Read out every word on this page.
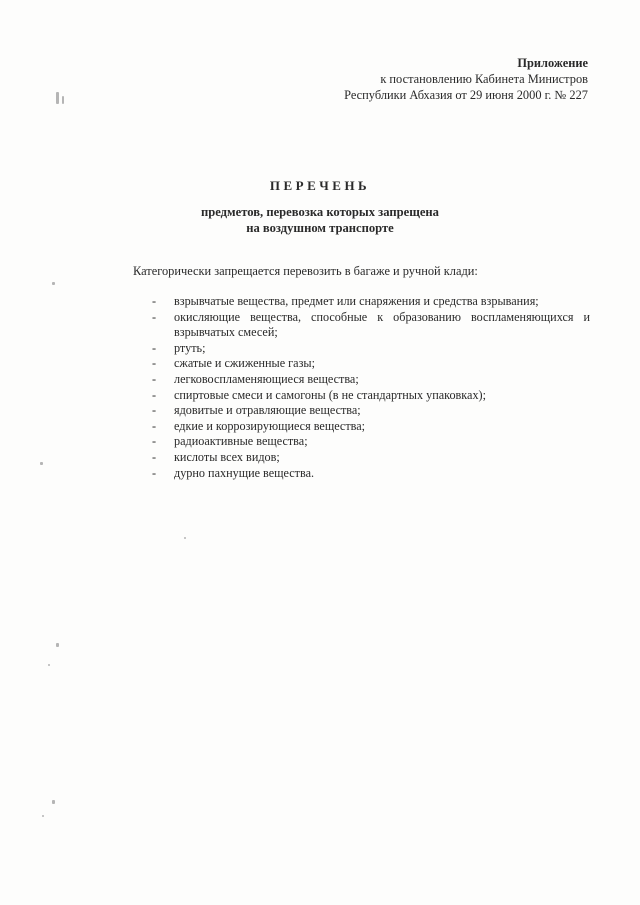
Приложение
к постановлению Кабинета Министров
Республики Абхазия от 29 июня 2000 г. № 227
ПЕРЕЧЕНЬ
предметов, перевозка которых запрещена
на воздушном транспорте
Категорически запрещается перевозить в багаже и ручной клади:
- взрывчатые вещества, предмет или снаряжения и средства взрывания;
- окисляющие вещества, способные к образованию воспламеняющихся и взрывчатых смесей;
- ртуть;
- сжатые и сжиженные газы;
- легковоспламеняющиеся вещества;
- спиртовые смеси и самогоны (в не стандартных упаковках);
- ядовитые и отравляющие вещества;
- едкие и коррозирующиеся вещества;
- радиоактивные вещества;
- кислоты всех видов;
- дурно пахнущие вещества.
